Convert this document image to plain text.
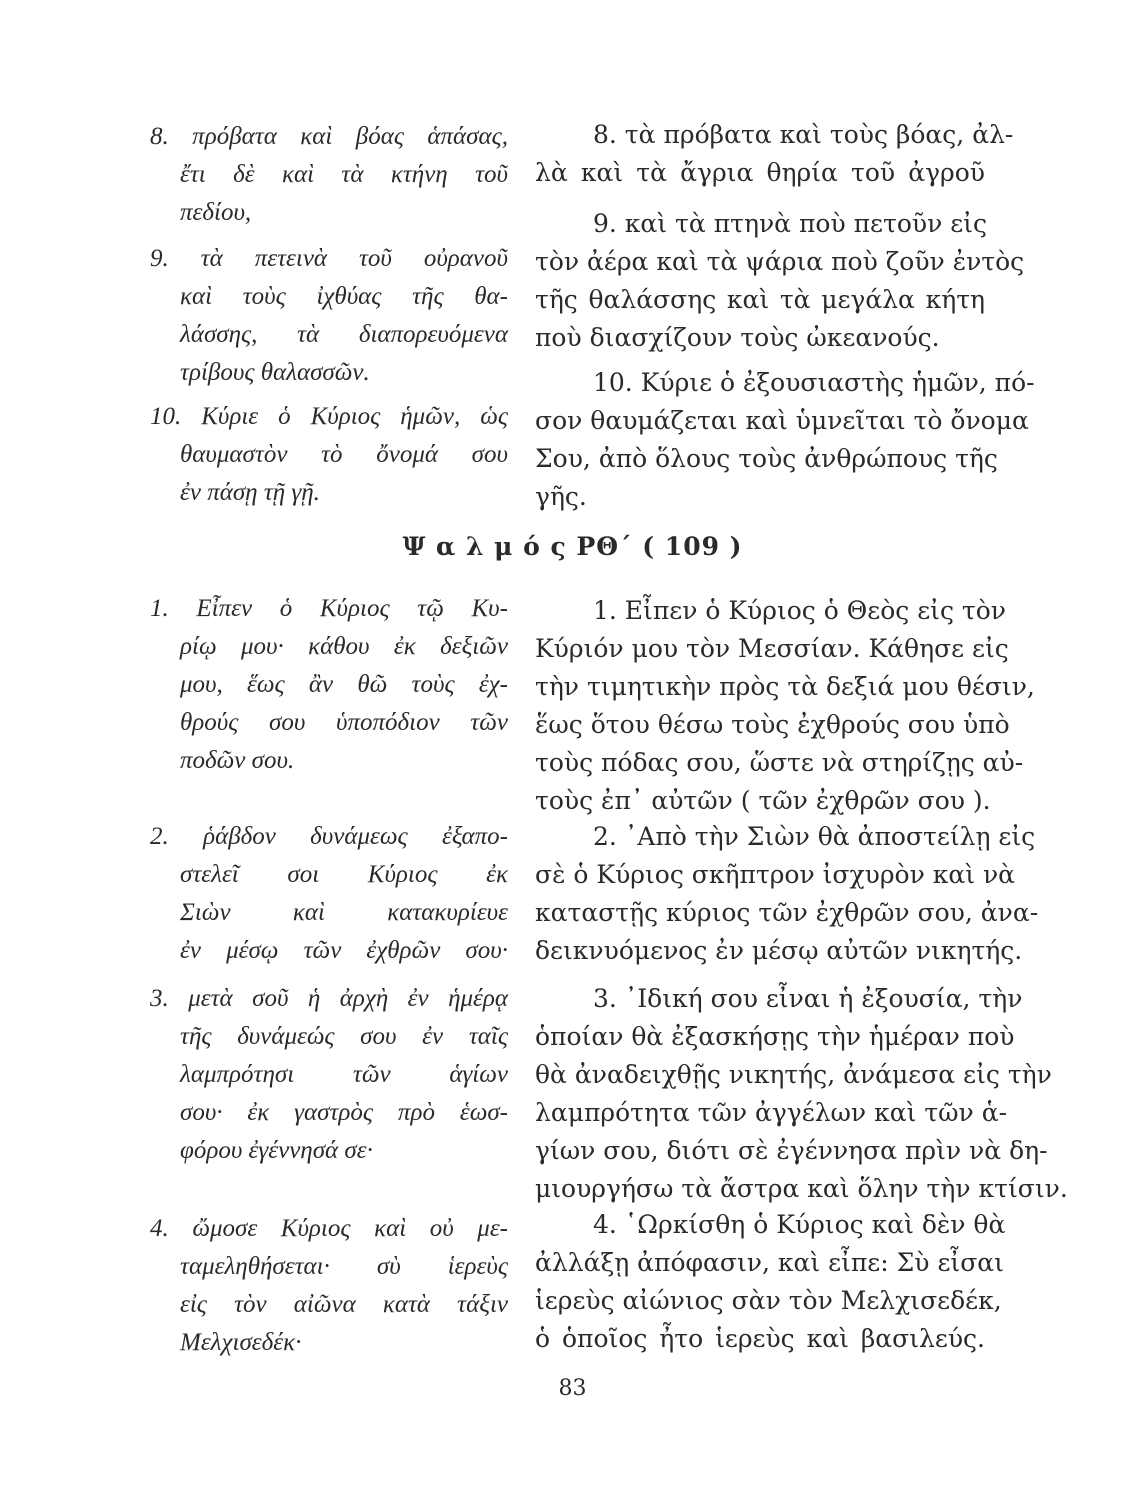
8. πρόβατα καὶ βόας ἁπάσας,
ἔτι δὲ καὶ τὰ κτήνη τοῦ
πεδίου,
9. τὰ πετεινὰ τοῦ οὐρανοῦ
καὶ τοὺς ἰχθύας τῆς θα-
λάσσης, τὰ διαπορευόμενα
τρίβους θαλασσῶν.
10. Κύριε ὁ Κύριος ἡμῶν, ὡς
θαυμαστὸν τὸ ὄνομά σου
ἐν πάσῃ τῇ γῇ.
8. τὰ πρόβατα καὶ τοὺς βόας, ἀλ-
λὰ καὶ τὰ ἄγρια θηρία τοῦ ἀγροῦ
9. καὶ τὰ πτηνὰ ποὺ πετοῦν εἰς
τὸν ἀέρα καὶ τὰ ψάρια ποὺ ζοῦν ἐντὸς
τῆς θαλάσσης καὶ τὰ μεγάλα κήτη
ποὺ διασχίζουν τοὺς ὠκεανούς.
10. Κύριε ὁ ἐξουσιαστὴς ἡμῶν, πό-
σον θαυμάζεται καὶ ὑμνεῖται τὸ ὄνομα
Σου, ἀπὸ ὅλους τοὺς ἀνθρώπους τῆς
γῆς.
Ψ α λ μ ό ς ΡΘ΄ ( 109 )
1. Εἶπεν ὁ Κύριος τῷ Κυ-
ρίῳ μου· κάθου ἐκ δεξιῶν
μου, ἕως ἂν θῶ τοὺς ἐχ-
θρούς σου ὑποπόδιον τῶν
ποδῶν σου.
2. ῥάβδον δυνάμεως ἐξαπο-
στελεῖ σοι Κύριος ἐκ
Σιὼν καὶ κατακυρίευε
ἐν μέσῳ τῶν ἐχθρῶν σου·
3. μετὰ σοῦ ἡ ἀρχὴ ἐν ἡμέρᾳ
τῆς δυνάμεώς σου ἐν ταῖς
λαμπρότησι τῶν ἁγίων
σου· ἐκ γαστρὸς πρὸ ἑωσ-
φόρου ἐγέννησά σε·
4. ὤμοσε Κύριος καὶ οὐ με-
ταμεληθήσεται· σὺ ἱερεὺς
εἰς τὸν αἰῶνα κατὰ τάξιν
Μελχισεδέκ·
1. Εἶπεν ὁ Κύριος ὁ Θεὸς εἰς τὸν
Κύριόν μου τὸν Μεσσίαν. Κάθησε εἰς
τὴν τιμητικὴν πρὸς τὰ δεξιά μου θέσιν,
ἕως ὅτου θέσω τοὺς ἐχθρούς σου ὑπὸ
τοὺς πόδας σου, ὥστε νὰ στηρίζῃς αὐ-
τοὺς ἐπ᾽ αὐτῶν ( τῶν ἐχθρῶν σου ).
2. ᾿Απὸ τὴν Σιὼν θὰ ἀποστείλῃ εἰς
σὲ ὁ Κύριος σκῆπτρον ἰσχυρὸν καὶ νὰ
καταστῇς κύριος τῶν ἐχθρῶν σου, ἀνα-
δεικνυόμενος ἐν μέσῳ αὐτῶν νικητής.
3. ᾿Ιδική σου εἶναι ἡ ἐξουσία, τὴν
ὁποίαν θὰ ἐξασκήσῃς τὴν ἡμέραν ποὺ
θὰ ἀναδειχθῇς νικητής, ἀνάμεσα εἰς τὴν
λαμπρότητα τῶν ἀγγέλων καὶ τῶν ἁ-
γίων σου, διότι σὲ ἐγέννησα πρὶν νὰ δη-
μιουργήσω τὰ ἄστρα καὶ ὅλην τὴν κτίσιν.
4. ῾Ωρκίσθη ὁ Κύριος καὶ δὲν θὰ
ἀλλάξῃ ἀπόφασιν, καὶ εἶπε: Σὺ εἶσαι
ἱερεὺς αἰώνιος σὰν τὸν Μελχισεδέκ,
ὁ ὁποῖος ἦτο ἱερεὺς καὶ βασιλεύς.
83
